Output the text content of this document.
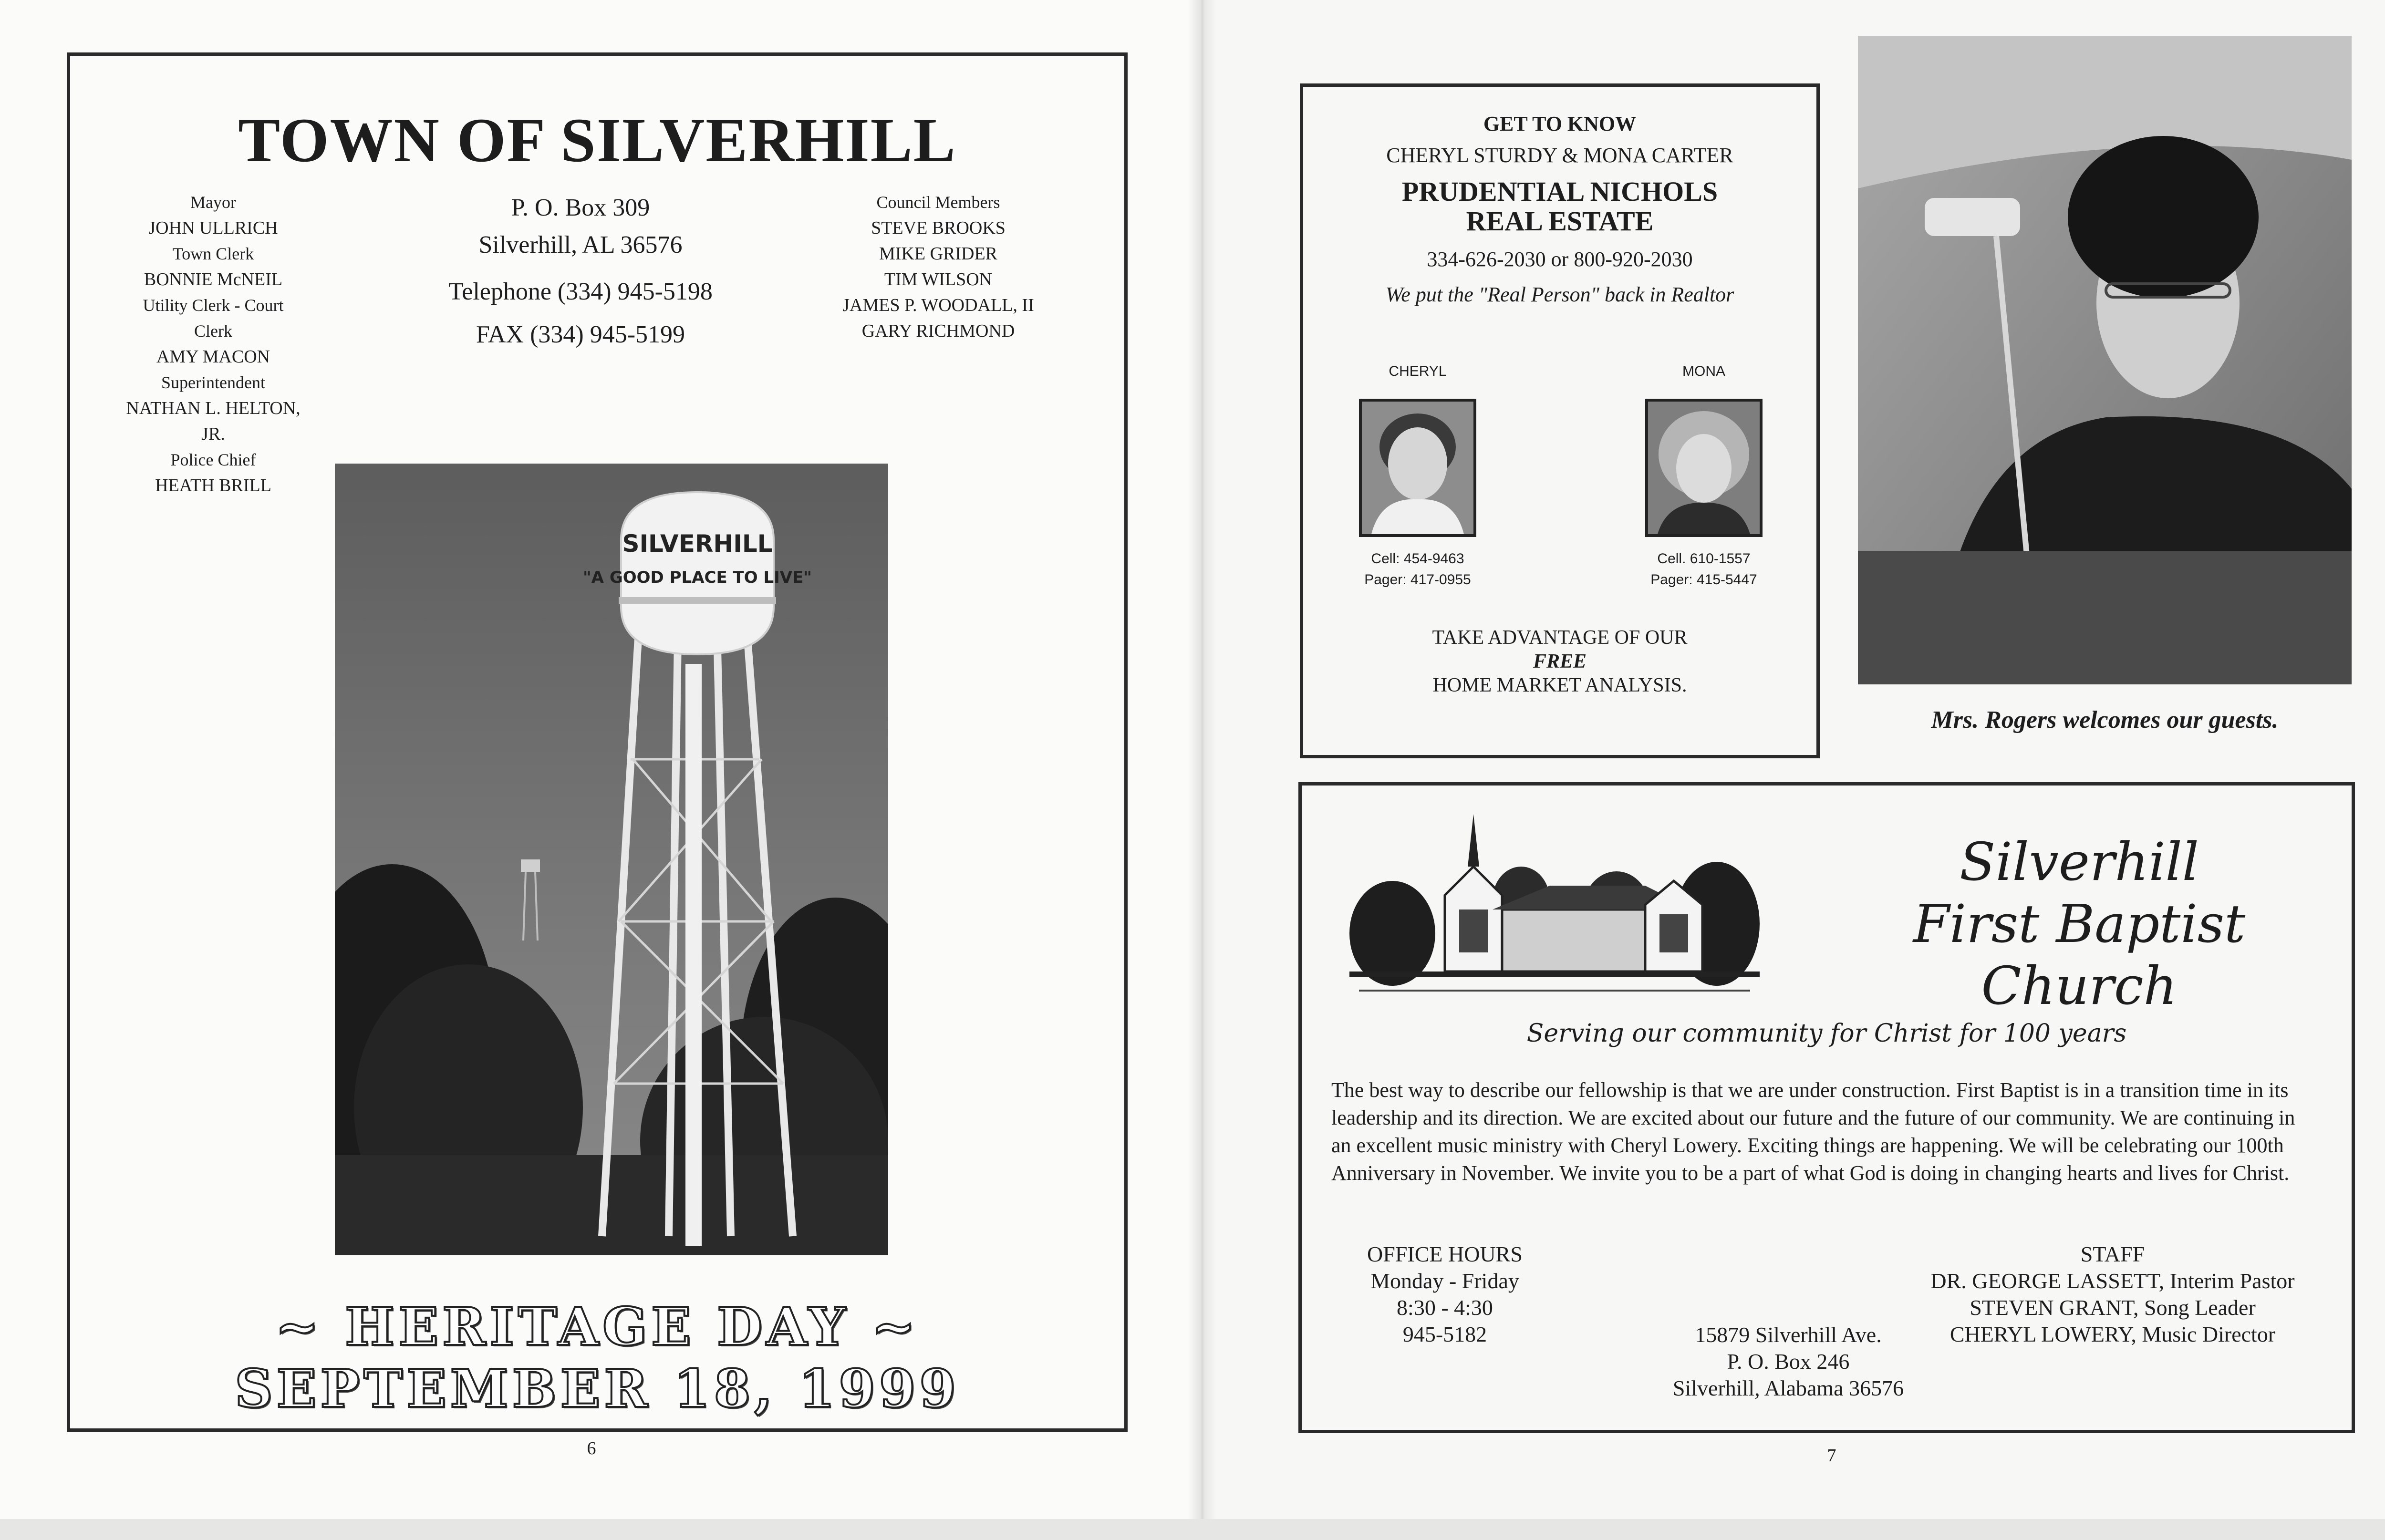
TOWN OF SILVERHILL
Mayor
JOHN ULLRICH
Town Clerk
BONNIE McNEIL
Utility Clerk - Court Clerk
AMY MACON
Superintendent
NATHAN L. HELTON, JR.
Police Chief
HEATH BRILL
P. O. Box 309
Silverhill, AL 36576
Telephone (334) 945-5198
FAX (334) 945-5199
Council Members
STEVE BROOKS
MIKE GRIDER
TIM WILSON
JAMES P. WOODALL, II
GARY RICHMOND
SILVERHILL
"A GOOD PLACE TO LIVE"
~ HERITAGE DAY ~
SEPTEMBER 18, 1999
6
GET TO KNOW
CHERYL STURDY & MONA CARTER
PRUDENTIAL NICHOLS
REAL ESTATE
334-626-2030 or 800-920-2030
We put the "Real Person" back in Realtor
CHERYL
Cell: 454-9463
Pager: 417-0955
MONA
Cell. 610-1557
Pager: 415-5447
TAKE ADVANTAGE OF OUR
FREE
HOME MARKET ANALYSIS.
Mrs. Rogers welcomes our guests.
Silverhill
First Baptist Church
Serving our community for Christ for 100 years
The best way to describe our fellowship is that we are under construction. First Baptist is in a transition time in its leadership and its direction. We are excited about our future and the future of our community. We are continuing in an excellent music ministry with Cheryl Lowery. Exciting things are happening. We will be celebrating our 100th Anniversary in November. We invite you to be a part of what God is doing in changing hearts and lives for Christ.
OFFICE HOURS
Monday - Friday
8:30 - 4:30
945-5182	15879 Silverhill Ave.
P. O. Box 246
Silverhill, Alabama 36576
STAFF
DR. GEORGE LASSETT, Interim Pastor
STEVEN GRANT, Song Leader
CHERYL LOWERY, Music Director
7
